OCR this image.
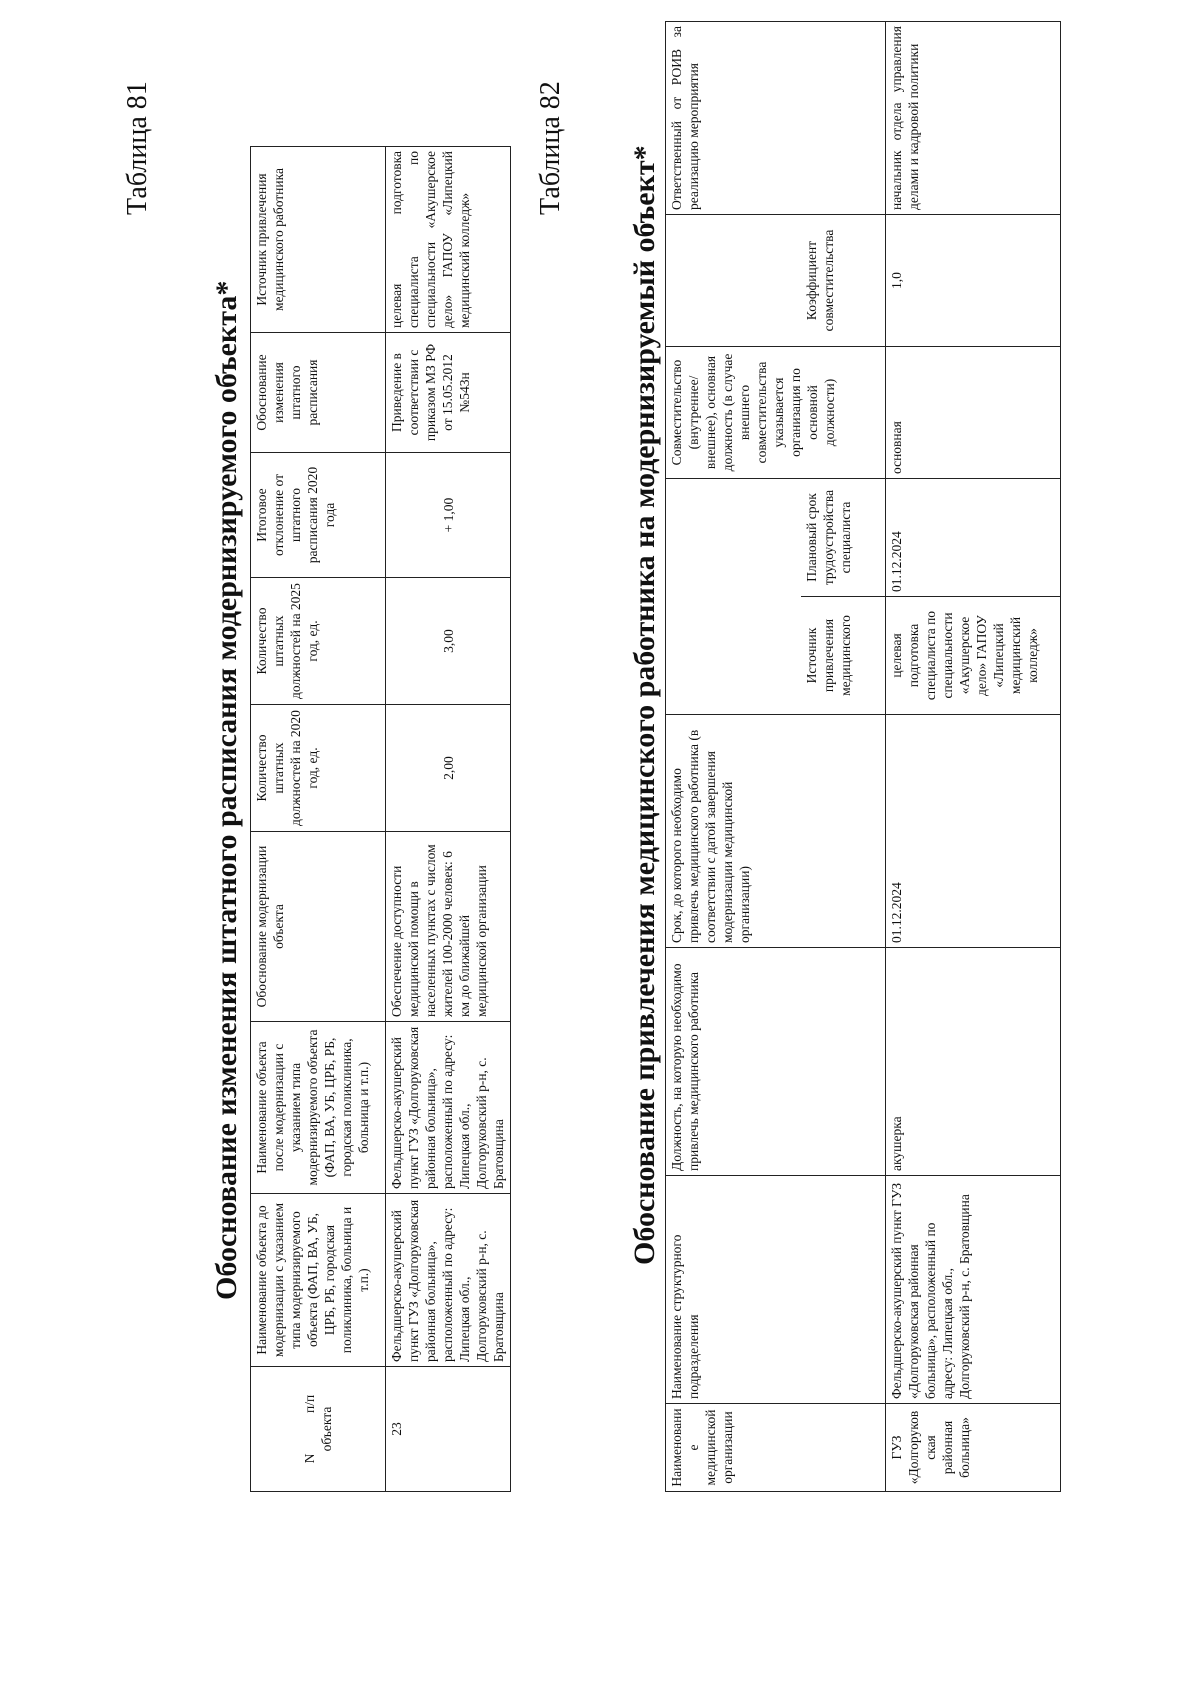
Таблица 81
Обоснование изменения штатного расписания модернизируемого объекта*
N            п/п объекта	Наименование объекта до модернизации с указанием типа модернизируемого объекта (ФАП, ВА, УБ, ЦРБ, РБ, городская поликлиника, больница и т.п.)	Наименование объекта после модернизации с указанием типа модернизируемого объекта (ФАП, ВА, УБ, ЦРБ, РБ, городская поликлиника, больница и т.п.)	Обоснование модернизации объекта	Количество штатных должностей на 2020 год, ед.	Количество штатных должностей на 2025 год, ед.	Итоговое отклонение от штатного расписания 2020 года	Обоснование изменения штатного расписания	Источник привлечения медицинского работника
23	Фельдшерско-акушерский пункт ГУЗ «Долгоруковская районная больница», расположенный по адресу: Липецкая обл., Долгоруковский р-н, с. Братовщина	Фельдшерско-акушерский пункт ГУЗ «Долгоруковская районная больница», расположенный по адресу: Липецкая обл., Долгоруковский р-н, с. Братовщина	Обеспечение доступности медицинской помощи в населенных пунктах с числом жителей 100-2000 человек: 6 км до ближайшей медицинской организации	2,00	3,00	+ 1,00	Приведение в соответствии с приказом МЗ РФ от 15.05.2012 №543н	целевая подготовка специалиста по специальности «Акушерское дело» ГАПОУ «Липецкий медицинский колледж»
Таблица 82 Обоснование привлечения медицинского работника на модернизируемый объект*
Наименование медицинской организации	Наименование структурного подразделения	Должность, на которую необходимо привлечь медицинского работника	Срок, до которого необходимо привлечь медицинского работника (в соответствии с датой завершения модернизации медицинской организации)			Совместительство (внутреннее/внешнее), основная должность (в случае внешнего совместительства указывается организация по основной должности)		Ответственный от РОИВ за реализацию мероприятия
				Источник привлечения медицинского	Плановый срок трудоустройства специалиста		Коэффициент совместительства	
ГУЗ «Долгоруковская районная больница»	Фельдшерско-акушерский пункт ГУЗ «Долгоруковская районная больница», расположенный по адресу: Липецкая обл., Долгоруковский р-н, с. Братовщина	акушерка	01.12.2024	целевая подготовка специалиста по специальности «Акушерское дело» ГАПОУ «Липецкий медицинский колледж»	01.12.2024	основная	1,0	начальник отдела управления делами и кадровой политики
